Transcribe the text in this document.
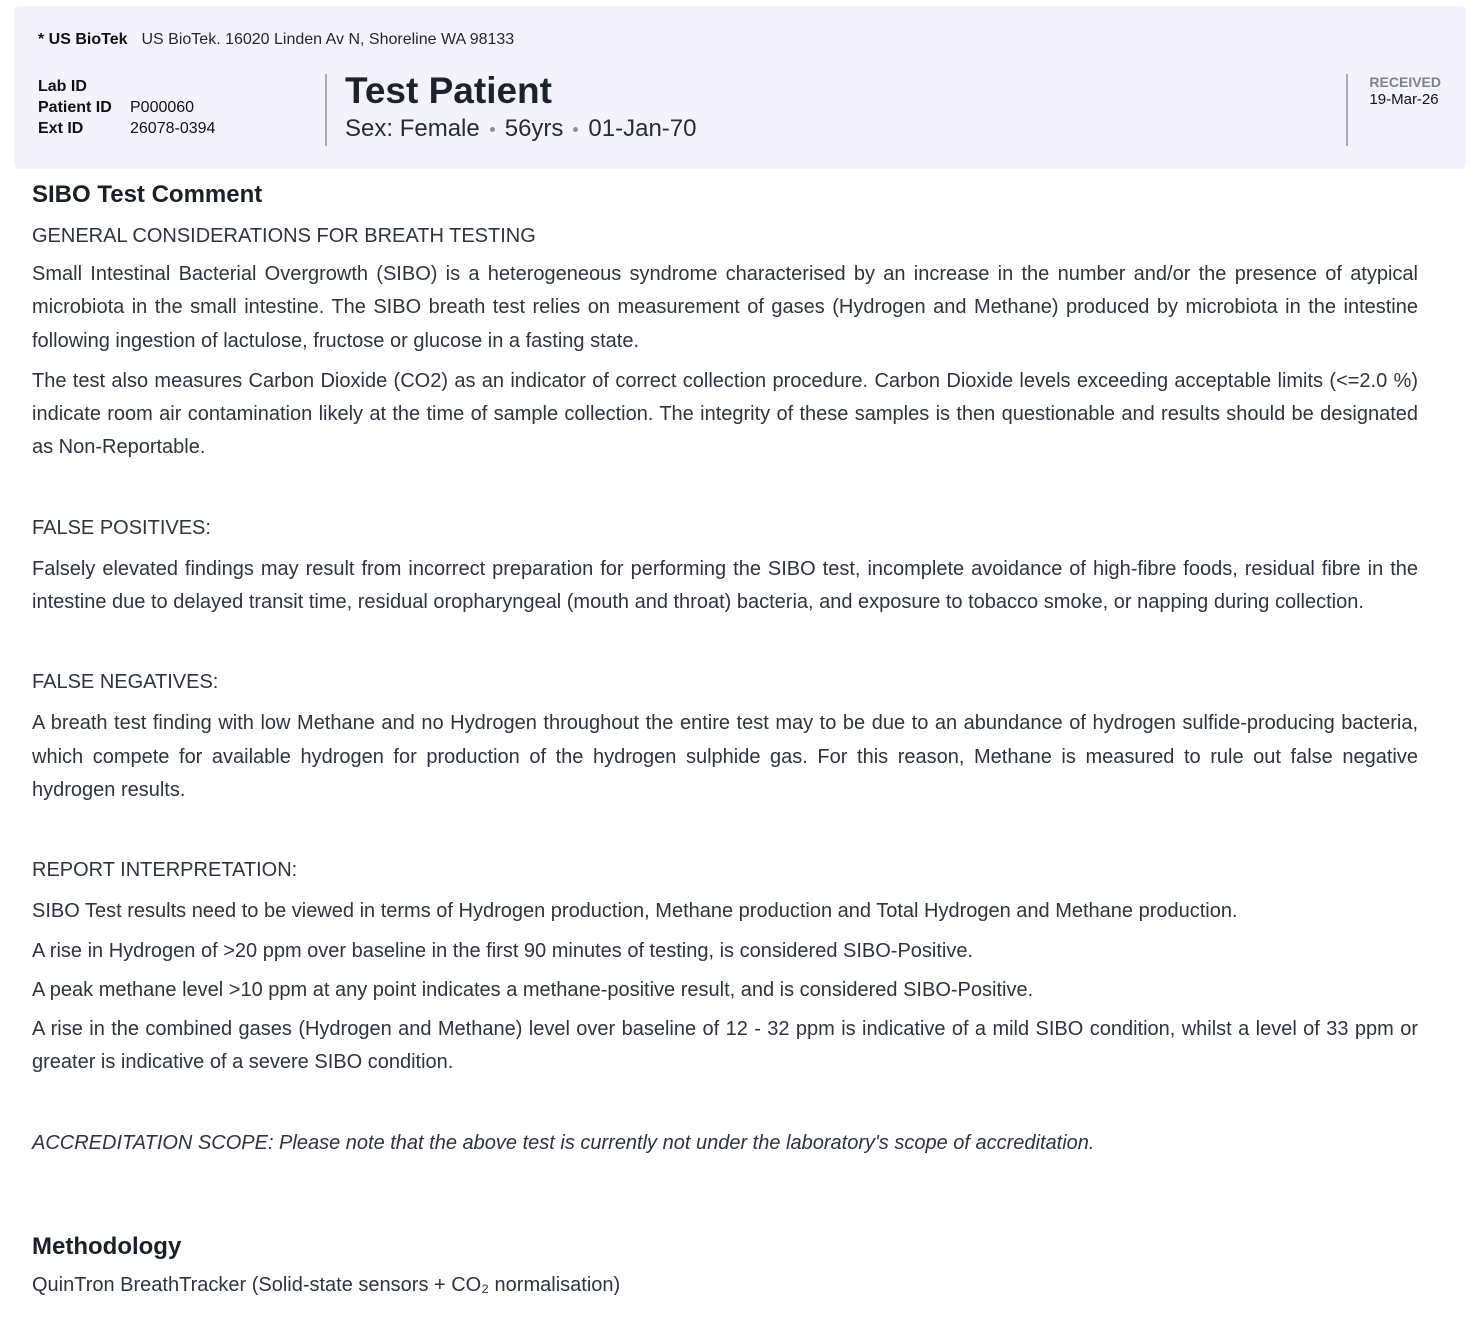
* US BioTek US BioTek. 16020 Linden Av N, Shoreline WA 98133
Lab ID
Patient ID	P000060
Ext ID	26078-0394
Test Patient
Sex: Female 56yrs 01-Jan-70
RECEIVED
19-Mar-26
SIBO Test Comment
GENERAL CONSIDERATIONS FOR BREATH TESTING

Small Intestinal Bacterial Overgrowth (SIBO) is a heterogeneous syndrome characterised by an increase in the number and/or the presence of atypical microbiota in the small intestine. The SIBO breath test relies on measurement of gases (Hydrogen and Methane) produced by microbiota in the intestine following ingestion of lactulose, fructose or glucose in a fasting state.

The test also measures Carbon Dioxide (CO2) as an indicator of correct collection procedure. Carbon Dioxide levels exceeding acceptable limits (<=2.0 %) indicate room air contamination likely at the time of sample collection. The integrity of these samples is then questionable and results should be designated as Non-Reportable.

FALSE POSITIVES:

Falsely elevated findings may result from incorrect preparation for performing the SIBO test, incomplete avoidance of high-fibre foods, residual fibre in the intestine due to delayed transit time, residual oropharyngeal (mouth and throat) bacteria, and exposure to tobacco smoke, or napping during collection.

FALSE NEGATIVES:

A breath test finding with low Methane and no Hydrogen throughout the entire test may to be due to an abundance of hydrogen sulfide-producing bacteria, which compete for available hydrogen for production of the hydrogen sulphide gas. For this reason, Methane is measured to rule out false negative hydrogen results.

REPORT INTERPRETATION:

SIBO Test results need to be viewed in terms of Hydrogen production, Methane production and Total Hydrogen and Methane production.

A rise in Hydrogen of >20 ppm over baseline in the first 90 minutes of testing, is considered SIBO-Positive.

A peak methane level >10 ppm at any point indicates a methane-positive result, and is considered SIBO-Positive.

A rise in the combined gases (Hydrogen and Methane) level over baseline of 12 - 32 ppm is indicative of a mild SIBO condition, whilst a level of 33 ppm or greater is indicative of a severe SIBO condition.

ACCREDITATION SCOPE: Please note that the above test is currently not under the laboratory's scope of accreditation.

Methodology

QuinTron BreathTracker (Solid-state sensors + CO₂ normalisation)
